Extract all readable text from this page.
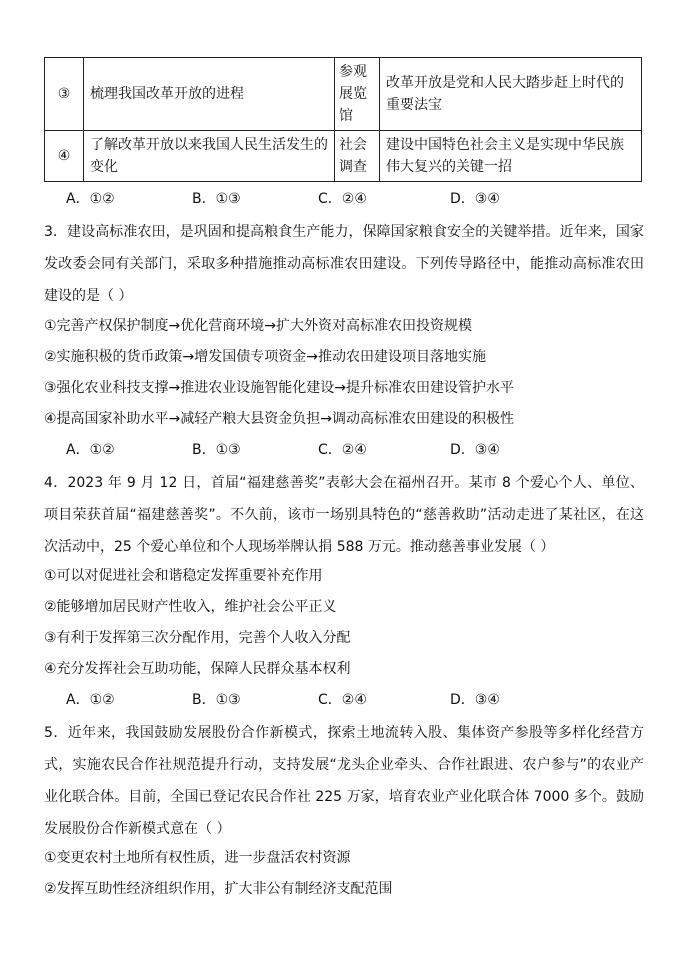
③	梳理我国改革开放的进程	参观展览馆	改革开放是党和人民大踏步赶上时代的重要法宝
④	了解改革开放以来我国人民生活发生的变化	社会调查	建设中国特色社会主义是实现中华民族伟大复兴的关键一招
A．①②	B．①③	C．②④	D．③④
3．建设高标准农田，是巩固和提高粮食生产能力，保障国家粮食安全的关键举措。近年来，国家发改委会同有关部门，采取多种措施推动高标准农田建设。下列传导路径中，能推动高标准农田建设的是（ ）
①完善产权保护制度→优化营商环境→扩大外资对高标准农田投资规模
②实施积极的货币政策→增发国债专项资金→推动农田建设项目落地实施
③强化农业科技支撑→推进农业设施智能化建设→提升标准农田建设管护水平
④提高国家补助水平→减轻产粮大县资金负担→调动高标准农田建设的积极性
A．①②	B．①③	C．②④	D．③④
4．2023 年 9 月 12 日，首届“福建慈善奖”表彰大会在福州召开。某市 8 个爱心个人、单位、项目荣获首届“福建慈善奖”。不久前，该市一场别具特色的“慈善救助”活动走进了某社区，在这次活动中，25 个爱心单位和个人现场举牌认捐 588 万元。推动慈善事业发展（ ）
①可以对促进社会和谐稳定发挥重要补充作用
②能够增加居民财产性收入，维护社会公平正义
③有利于发挥第三次分配作用，完善个人收入分配
④充分发挥社会互助功能，保障人民群众基本权利
A．①②	B．①③	C．②④	D．③④
5．近年来，我国鼓励发展股份合作新模式，探索土地流转入股、集体资产参股等多样化经营方式，实施农民合作社规范提升行动，支持发展“龙头企业牵头、合作社跟进、农户参与”的农业产业化联合体。目前，全国已登记农民合作社 225 万家，培育农业产业化联合体 7000 多个。鼓励发展股份合作新模式意在（ ）
①变更农村土地所有权性质，进一步盘活农村资源
②发挥互助性经济组织作用，扩大非公有制经济支配范围
